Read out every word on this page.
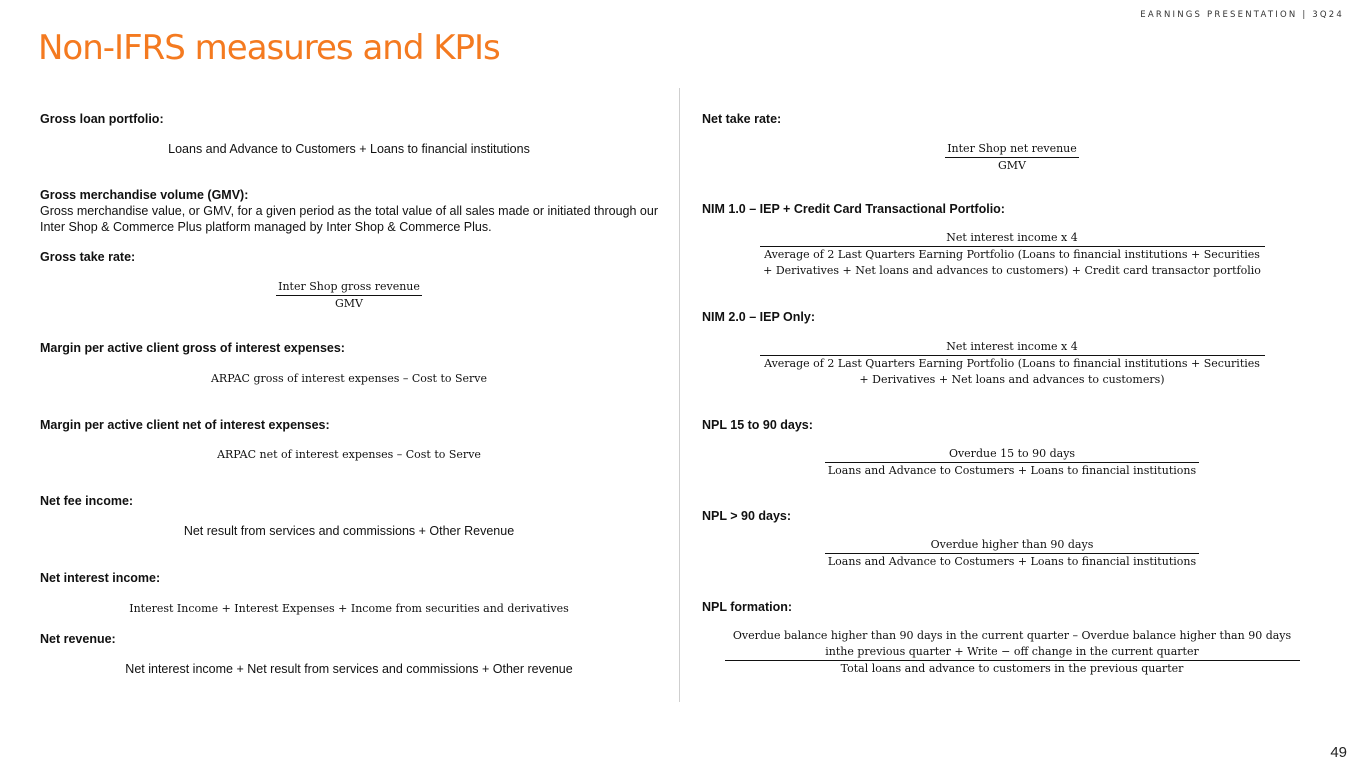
EARNINGS PRESENTATION | 3Q24
Non-IFRS measures and KPIs
Gross loan portfolio:
Loans and Advance to Customers + Loans to financial institutions
Gross merchandise volume (GMV):
Gross merchandise value, or GMV, for a given period as the total value of all sales made or initiated through our Inter Shop & Commerce Plus platform managed by Inter Shop & Commerce Plus.
Gross take rate:
$\frac{\text{Inter Shop gross revenue}}{\text{GMV}}$
Margin per active client gross of interest expenses:
ARPAC gross of interest expenses – Cost to Serve
Margin per active client net of interest expenses:
ARPAC net of interest expenses – Cost to Serve
Net fee income:
Net result from services and commissions + Other Revenue
Net interest income:
Interest Income + Interest Expenses + Income from securities and derivatives
Net revenue:
Net interest income + Net result from services and commissions + Other revenue
Net take rate:
$\frac{\text{Inter Shop net revenue}}{\text{GMV}}$
NIM 1.0 – IEP + Credit Card Transactional Portfolio:
Net interest income x 4
Average of 2 Last Quarters Earning Portfolio (Loans to financial institutions + Securities + Derivatives + Net loans and advances to customers) + Credit card transactor portfolio
NIM 2.0 – IEP Only:
Net interest income x 4
Average of 2 Last Quarters Earning Portfolio (Loans to financial institutions + Securities + Derivatives + Net loans and advances to customers)
NPL 15 to 90 days:
Overdue 15 to 90 days
Loans and Advance to Costumers + Loans to financial institutions
NPL > 90 days:
Overdue higher than 90 days
Loans and Advance to Costumers + Loans to financial institutions
NPL formation:
Overdue balance higher than 90 days in the current quarter – Overdue balance higher than 90 days inthe previous quarter + Write − off change in the current quarter
Total loans and advance to customers in the previous quarter
49
